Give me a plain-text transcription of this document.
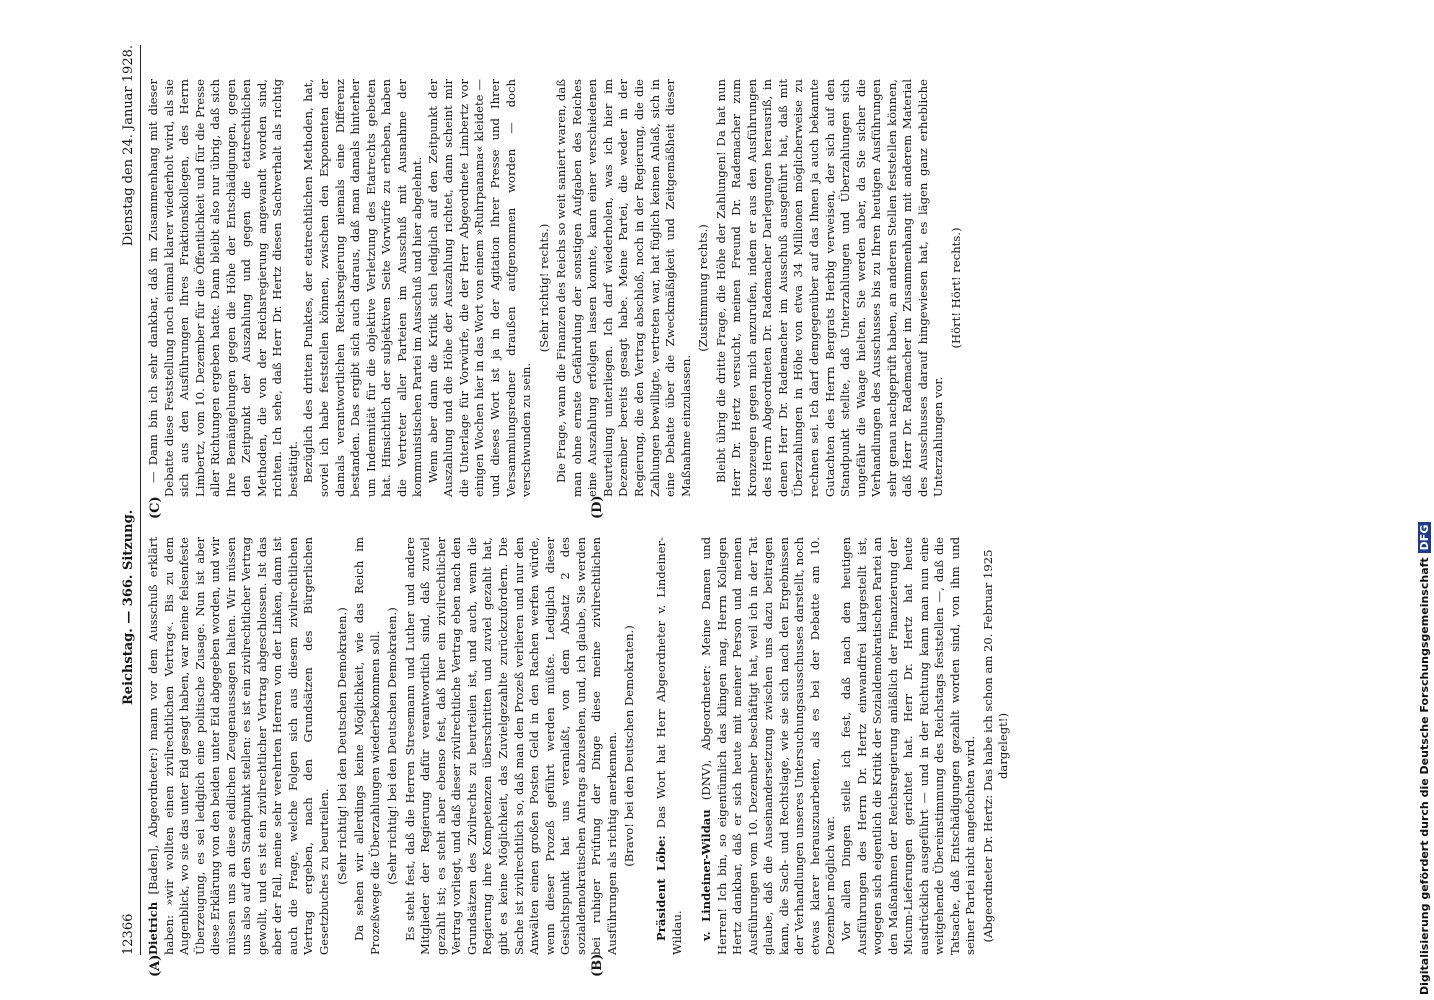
12366
Reichstag. — 366. Sitzung.
Dienstag den 24. Januar 1928.
(A)	(B)
(C)	(D)

Dietrich [Baden], Abgeordneter:) mann vor dem Ausschuß erklärt haben: »wir wollten einen zivilrechtlichen Vertrag«. Bis zu dem Augenblick, wo sie das unter Eid gesagt haben, war meine felsenfeste Überzeugung, es sei lediglich eine politische Zusage. Nun ist aber diese Erklärung von den beiden unter Eid abgegeben worden, und wir müssen uns an diese eidlichen Zeugenaussagen halten. Wir müssen uns also auf den Standpunkt stellen: es ist ein zivilrechtlicher Vertrag gewollt, und es ist ein zivilrechtlicher Vertrag abgeschlossen. Ist das aber der Fall, meine sehr verehrten Herren von der Linken, dann ist auch die Frage, welche Folgen sich aus diesem zivilrechtlichen Vertrag ergeben, nach den Grundsätzen des Bürgerlichen Gesetzbuches zu beurteilen. (Sehr richtig! bei den Deutschen Demokraten.) Da sehen wir allerdings keine Möglichkeit, wie das Reich im Prozeßwege die Überzahlungen wiederbekommen soll. (Sehr richtig! bei den Deutschen Demokraten.) Es steht fest, daß die Herren Stresemann und Luther und andere Mitglieder der Regierung dafür verantwortlich sind, daß zuviel gezahlt ist; es steht aber ebenso fest, daß hier ein zivilrechtlicher Vertrag vorliegt, und daß dieser zivilrechtliche Vertrag eben nach den Grundsätzen des Zivilrechts zu beurteilen ist, und auch, wenn die Regierung ihre Kompetenzen überschritten und zuviel gezahlt hat, gibt es keine Möglichkeit, das Zuvielgezahlte zurückzufordern. Die Sache ist zivilrechtlich so, daß man den Prozeß verlieren und nur den Anwälten einen großen Posten Geld in den Rachen werfen würde, wenn dieser Prozeß geführt werden müßte. Lediglich dieser Gesichtspunkt hat uns veranlaßt, von dem Absatz 2 des sozialdemokratischen Antrags abzusehen, und, ich glaube, Sie werden bei ruhiger Prüfung der Dinge diese meine zivilrechtlichen Ausführungen als richtig anerkennen. (Bravo! bei den Deutschen Demokraten.)

Präsident Löbe: Das Wort hat Herr Abgeordneter v. Lindeiner-Wildau. v. Lindeiner-Wildau (DNV), Abgeordneter: Meine Damen und Herren! Ich bin, so eigentümlich das klingen mag, Herrn Kollegen Hertz dankbar, daß er sich heute mit meiner Person und meinen Ausführungen vom 10. Dezember beschäftigt hat, weil ich in der Tat glaube, daß die Auseinandersetzung zwischen uns dazu beitragen kann, die Sach- und Rechtslage, wie sie sich nach den Ergebnissen der Verhandlungen unseres Untersuchungsausschusses darstellt, noch etwas klarer herauszuarbeiten, als es bei der Debatte am 10. Dezember möglich war. Vor allen Dingen stelle ich fest, daß nach den heutigen Ausführungen des Herrn Dr. Hertz einwandfrei klargestellt ist, wogegen sich eigentlich die Kritik der Sozialdemokratischen Partei an den Maßnahmen der Reichsregierung anläßlich der Finanzierung der Micum-Lieferungen gerichtet hat. Herr Dr. Hertz hat heute ausdrücklich ausgeführt — und in der Richtung kann man nun eine weitgehende Übereinstimmung des Reichstags feststellen —, daß die Tatsache, daß Entschädigungen gezahlt worden sind, von ihm und seiner Partei nicht angefochten wird. (Abgeordneter Dr. Hertz: Das habe ich schon am 20. Februar 1925 dargelegt!)

— Dann bin ich sehr dankbar, daß im Zusammenhang mit dieser Debatte diese Feststellung noch einmal klarer wiederholt wird, als sie sich aus den Ausführungen Ihres Fraktionskollegen, des Herrn Limbertz, vom 10. Dezember für die Öffentlichkeit und für die Presse aller Richtungen ergeben hatte. Dann bleibt also nur übrig, daß sich Ihre Bemängelungen gegen die Höhe der Entschädigungen, gegen den Zeitpunkt der Auszahlung und gegen die etatrechtlichen Methoden, die von der Reichsregierung angewandt worden sind, richten. Ich sehe, daß Herr Dr. Hertz diesen Sachverhalt als richtig bestätigt. Bezüglich des dritten Punktes, der etatrechtlichen Methoden, hat, soviel ich habe feststellen können, zwischen den Exponenten der damals verantwortlichen Reichsregierung niemals eine Differenz bestanden. Das ergibt sich auch daraus, daß man damals hinterher um Indemnität für die objektive Verletzung des Etatrechts gebeten hat. Hinsichtlich der subjektiven Seite Vorwürfe zu erheben, haben die Vertreter aller Parteien im Ausschuß mit Ausnahme der kommunistischen Partei im Ausschuß und hier abgelehnt. Wenn aber dann die Kritik sich lediglich auf den Zeitpunkt der Auszahlung und die Höhe der Auszahlung richtet, dann scheint mir die Unterlage für Vorwürfe, die der Herr Abgeordnete Limbertz vor einigen Wochen hier in das Wort von einem »Ruhrpanama« kleidete — und dieses Wort ist ja in der Agitation Ihrer Presse und Ihrer Versammlungsredner draußen aufgenommen worden — doch verschwunden zu sein.

(Sehr richtig! rechts.) Die Frage, wann die Finanzen des Reichs so weit saniert waren, daß man ohne ernste Gefährdung der sonstigen Aufgaben des Reiches eine Auszahlung erfolgen lassen konnte, kann einer verschiedenen Beurteilung unterliegen. Ich darf wiederholen, was ich hier im Dezember bereits gesagt habe. Meine Partei, die weder in der Regierung, die den Vertrag abschloß, noch in der Regierung, die die Zahlungen bewilligte, vertreten war, hat füglich keinen Anlaß, sich in eine Debatte über die Zweckmäßigkeit und Zeitgemäßheit dieser Maßnahme einzulassen.

(Zustimmung rechts.) Bleibt übrig die dritte Frage, die Höhe der Zahlungen! Da hat nun Herr Dr. Hertz versucht, meinen Freund Dr. Rademacher zum Kronzeugen gegen mich anzurufen, indem er aus den Ausführungen des Herrn Abgeordneten Dr. Rademacher Darlegungen herausriß, in denen Herr Dr. Rademacher im Ausschuß ausgeführt hat, daß mit Überzahlungen in Höhe von etwa 34 Millionen möglicherweise zu rechnen sei. Ich darf demgegenüber auf das Ihnen ja auch bekannte Gutachten des Herrn Bergrats Herbig verweisen, der sich auf den Standpunkt stellte, daß Unterzahlungen und Überzahlungen sich ungefähr die Waage hielten. Sie werden aber, da Sie sicher die Verhandlungen des Ausschusses bis zu Ihren heutigen Ausführungen sehr genau nachgeprüft haben, an anderen Stellen feststellen können, daß Herr Dr. Rademacher im Zusammenhang mit anderem Material des Ausschusses darauf hingewiesen hat, es lägen ganz erhebliche Unterzahlungen vor.

(Hört! Hört! rechts.)

Digitalisierung gefördert durch die Deutsche ForschungsgemeinschaftDFG
